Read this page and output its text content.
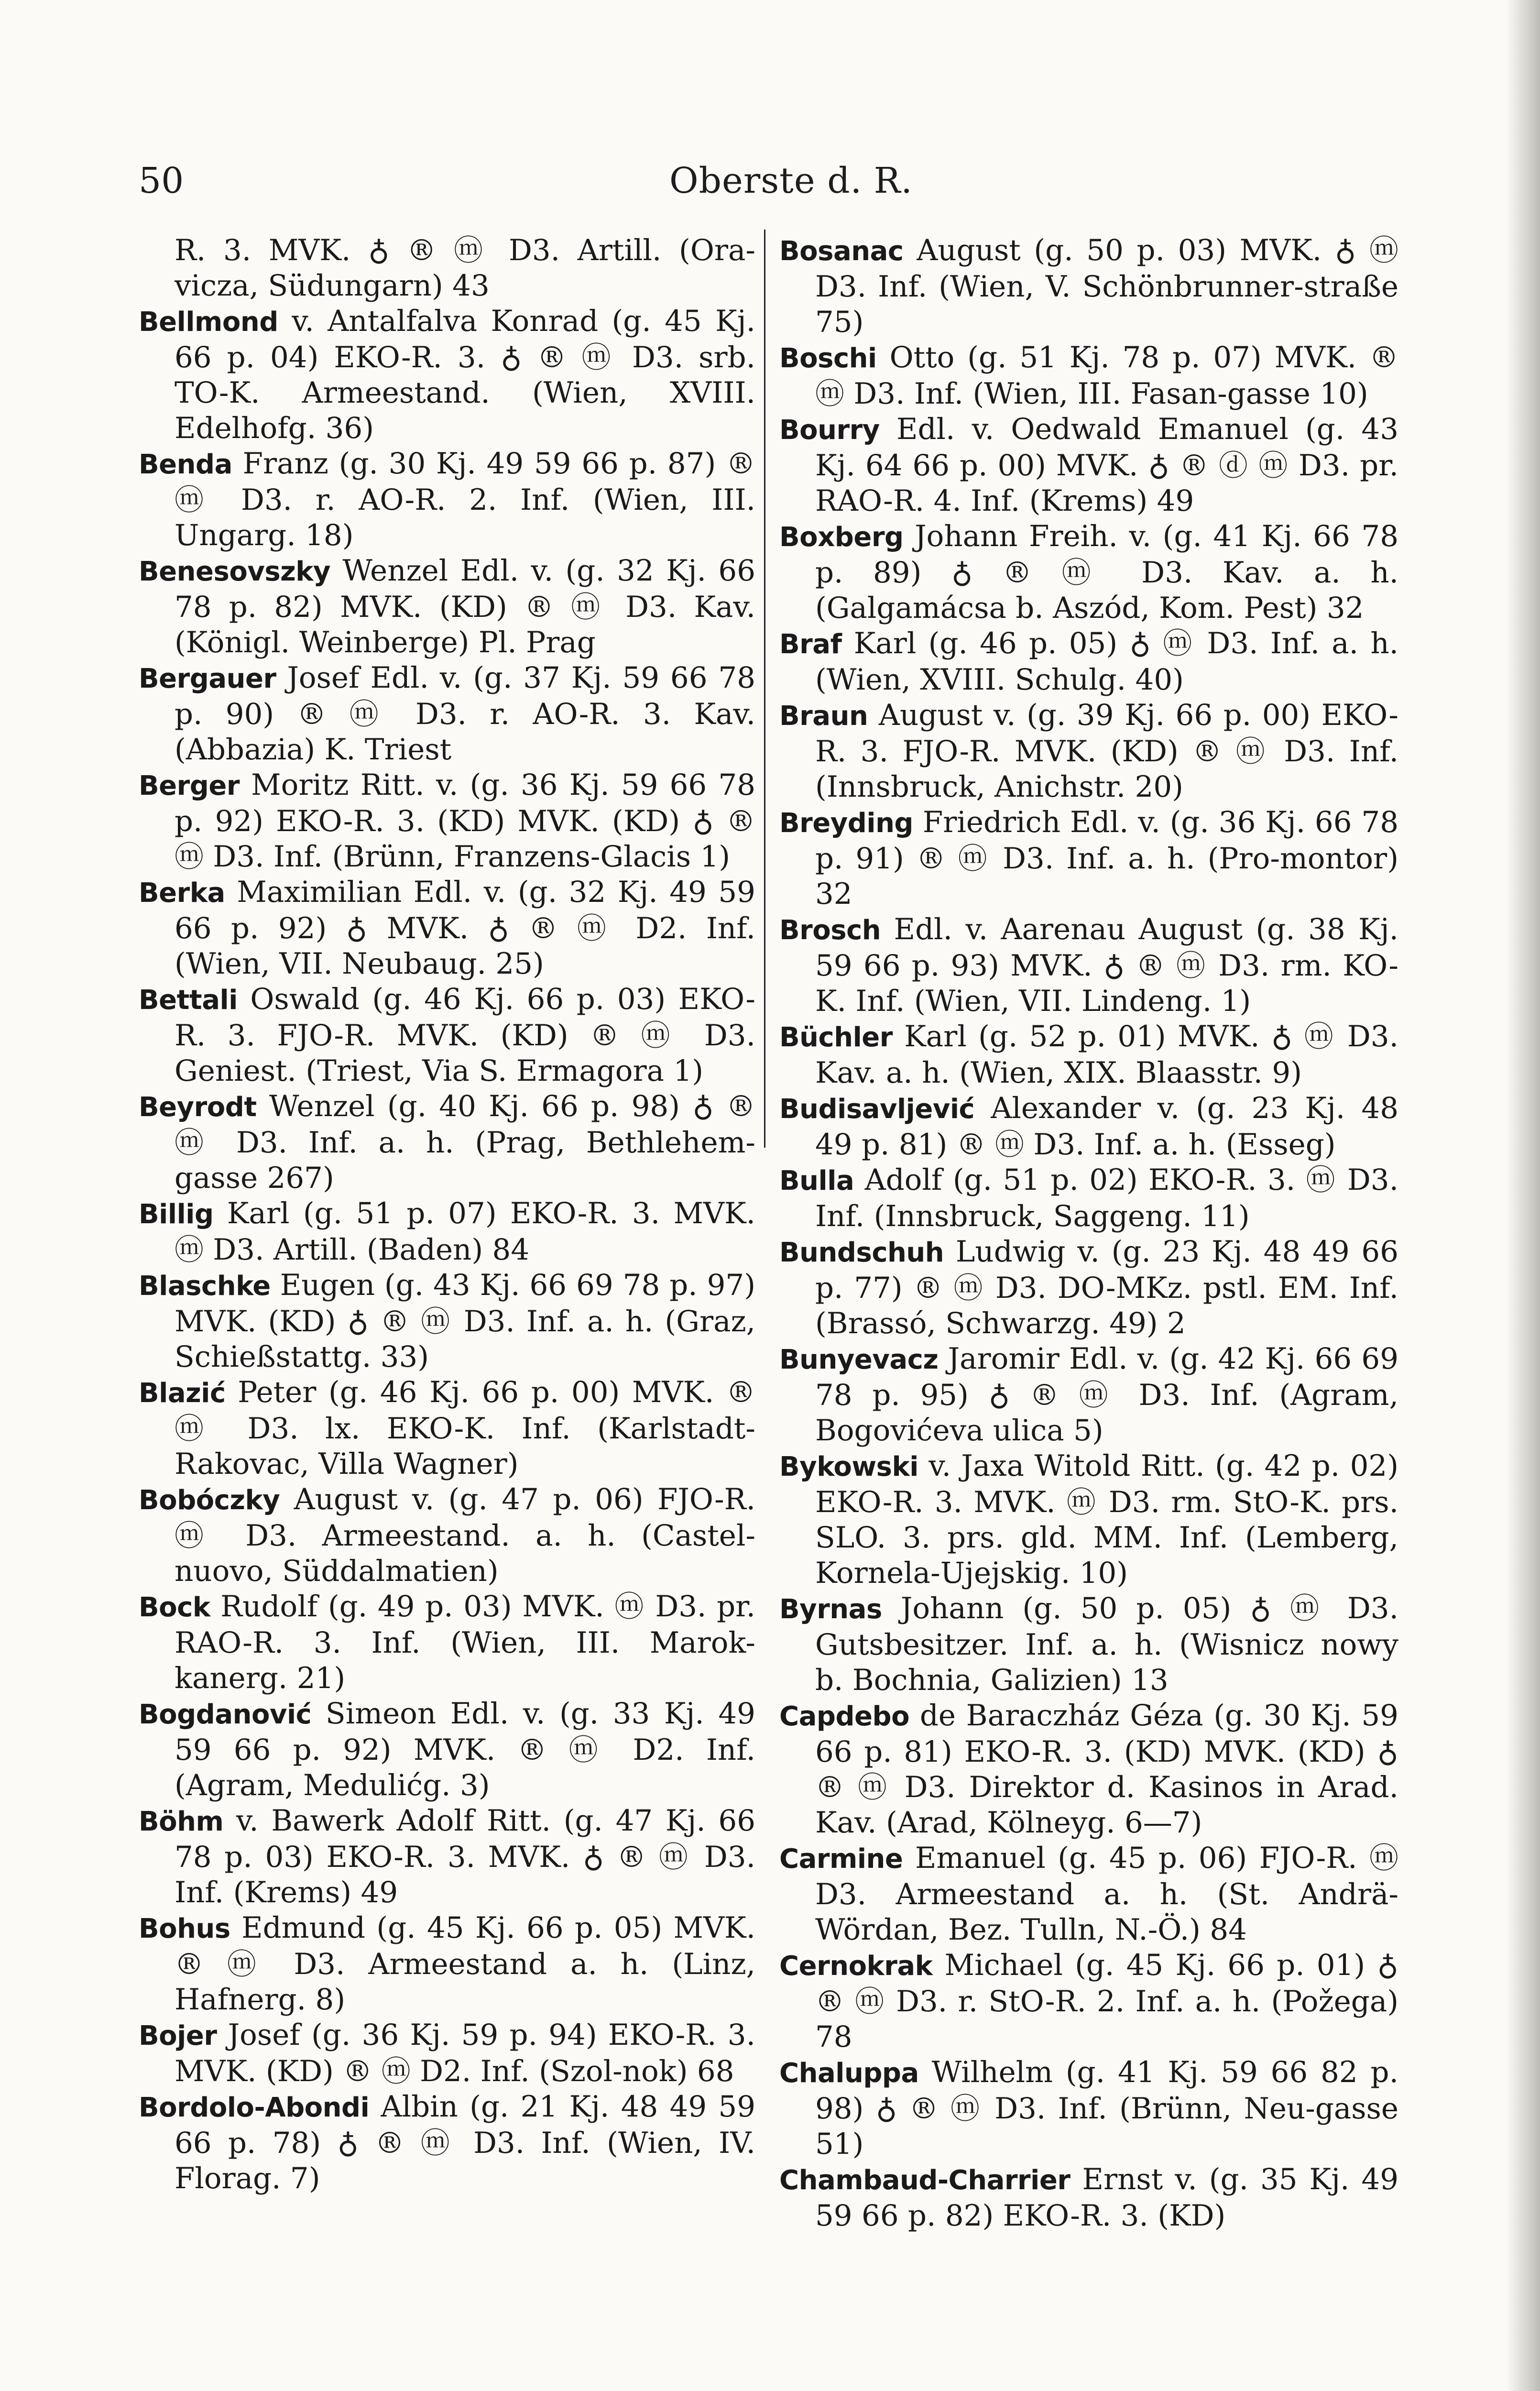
50	Oberste d. R.

R. 3. MVK. ♁ ® ⓜ D3. Artill. (Ora-vicza, Südungarn) 43

Bellmond v. Antalfalva Konrad (g. 45 Kj. 66 p. 04) EKO-R. 3. ♁ ® ⓜ D3. srb. TO-K. Armeestand. (Wien, XVIII. Edelhofg. 36)

Benda Franz (g. 30 Kj. 49 59 66 p. 87) ® ⓜ D3. r. AO-R. 2. Inf. (Wien, III. Ungarg. 18)

Benesovszky Wenzel Edl. v. (g. 32 Kj. 66 78 p. 82) MVK. (KD) ® ⓜ D3. Kav. (Königl. Weinberge) Pl. Prag

Bergauer Josef Edl. v. (g. 37 Kj. 59 66 78 p. 90) ® ⓜ D3. r. AO-R. 3. Kav. (Abbazia) K. Triest

Berger Moritz Ritt. v. (g. 36 Kj. 59 66 78 p. 92) EKO-R. 3. (KD) MVK. (KD) ♁ ® ⓜ D3. Inf. (Brünn, Franzens-Glacis 1)

Berka Maximilian Edl. v. (g. 32 Kj. 49 59 66 p. 92) ♁ MVK. ♁ ® ⓜ D2. Inf. (Wien, VII. Neubaug. 25)

Bettali Oswald (g. 46 Kj. 66 p. 03) EKO-R. 3. FJO-R. MVK. (KD) ® ⓜ D3. Geniest. (Triest, Via S. Ermagora 1)

Beyrodt Wenzel (g. 40 Kj. 66 p. 98) ♁ ® ⓜ D3. Inf. a. h. (Prag, Bethlehem-gasse 267)

Billig Karl (g. 51 p. 07) EKO-R. 3. MVK. ⓜ D3. Artill. (Baden) 84

Blaschke Eugen (g. 43 Kj. 66 69 78 p. 97) MVK. (KD) ♁ ® ⓜ D3. Inf. a. h. (Graz, Schießstattg. 33)

Blazić Peter (g. 46 Kj. 66 p. 00) MVK. ® ⓜ D3. lx. EKO-K. Inf. (Karlstadt-Rakovac, Villa Wagner)

Bobóczky August v. (g. 47 p. 06) FJO-R. ⓜ D3. Armeestand. a. h. (Castel-nuovo, Süddalmatien)

Bock Rudolf (g. 49 p. 03) MVK. ⓜ D3. pr. RAO-R. 3. Inf. (Wien, III. Marok-kanerg. 21)

Bogdanović Simeon Edl. v. (g. 33 Kj. 49 59 66 p. 92) MVK. ® ⓜ D2. Inf. (Agram, Medulićg. 3)

Böhm v. Bawerk Adolf Ritt. (g. 47 Kj. 66 78 p. 03) EKO-R. 3. MVK. ♁ ® ⓜ D3. Inf. (Krems) 49

Bohus Edmund (g. 45 Kj. 66 p. 05) MVK. ® ⓜ D3. Armeestand a. h. (Linz, Hafnerg. 8)

Bojer Josef (g. 36 Kj. 59 p. 94) EKO-R. 3. MVK. (KD) ® ⓜ D2. Inf. (Szol-nok) 68

Bordolo-Abondi Albin (g. 21 Kj. 48 49 59 66 p. 78) ♁ ® ⓜ D3. Inf. (Wien, IV. Florag. 7)

Bosanac August (g. 50 p. 03) MVK. ♁ ⓜ D3. Inf. (Wien, V. Schönbrunner-straße 75)

Boschi Otto (g. 51 Kj. 78 p. 07) MVK. ® ⓜ D3. Inf. (Wien, III. Fasan-gasse 10)

Bourry Edl. v. Oedwald Emanuel (g. 43 Kj. 64 66 p. 00) MVK. ♁ ® ⓓ ⓜ D3. pr. RAO-R. 4. Inf. (Krems) 49

Boxberg Johann Freih. v. (g. 41 Kj. 66 78 p. 89) ♁ ® ⓜ D3. Kav. a. h. (Galgamácsa b. Aszód, Kom. Pest) 32

Braf Karl (g. 46 p. 05) ♁ ⓜ D3. Inf. a. h. (Wien, XVIII. Schulg. 40)

Braun August v. (g. 39 Kj. 66 p. 00) EKO-R. 3. FJO-R. MVK. (KD) ® ⓜ D3. Inf. (Innsbruck, Anichstr. 20)

Breyding Friedrich Edl. v. (g. 36 Kj. 66 78 p. 91) ® ⓜ D3. Inf. a. h. (Pro-montor) 32

Brosch Edl. v. Aarenau August (g. 38 Kj. 59 66 p. 93) MVK. ♁ ® ⓜ D3. rm. KO-K. Inf. (Wien, VII. Lindeng. 1)

Büchler Karl (g. 52 p. 01) MVK. ♁ ⓜ D3. Kav. a. h. (Wien, XIX. Blaasstr. 9)

Budisavljević Alexander v. (g. 23 Kj. 48 49 p. 81) ® ⓜ D3. Inf. a. h. (Esseg)

Bulla Adolf (g. 51 p. 02) EKO-R. 3. ⓜ D3. Inf. (Innsbruck, Saggeng. 11)

Bundschuh Ludwig v. (g. 23 Kj. 48 49 66 p. 77) ® ⓜ D3. DO-MKz. pstl. EM. Inf. (Brassó, Schwarzg. 49) 2

Bunyevacz Jaromir Edl. v. (g. 42 Kj. 66 69 78 p. 95) ♁ ® ⓜ D3. Inf. (Agram, Bogovićeva ulica 5)

Bykowski v. Jaxa Witold Ritt. (g. 42 p. 02) EKO-R. 3. MVK. ⓜ D3. rm. StO-K. prs. SLO. 3. prs. gld. MM. Inf. (Lemberg, Kornela-Ujejskig. 10)

Byrnas Johann (g. 50 p. 05) ♁ ⓜ D3. Gutsbesitzer. Inf. a. h. (Wisnicz nowy b. Bochnia, Galizien) 13

Capdebo de Baraczház Géza (g. 30 Kj. 59 66 p. 81) EKO-R. 3. (KD) MVK. (KD) ♁ ® ⓜ D3. Direktor d. Kasinos in Arad. Kav. (Arad, Kölneyg. 6—7)

Carmine Emanuel (g. 45 p. 06) FJO-R. ⓜ D3. Armeestand a. h. (St. Andrä-Wördan, Bez. Tulln, N.-Ö.) 84

Cernokrak Michael (g. 45 Kj. 66 p. 01) ♁ ® ⓜ D3. r. StO-R. 2. Inf. a. h. (Požega) 78

Chaluppa Wilhelm (g. 41 Kj. 59 66 82 p. 98) ♁ ® ⓜ D3. Inf. (Brünn, Neu-gasse 51)

Chambaud-Charrier Ernst v. (g. 35 Kj. 49 59 66 p. 82) EKO-R. 3. (KD)
